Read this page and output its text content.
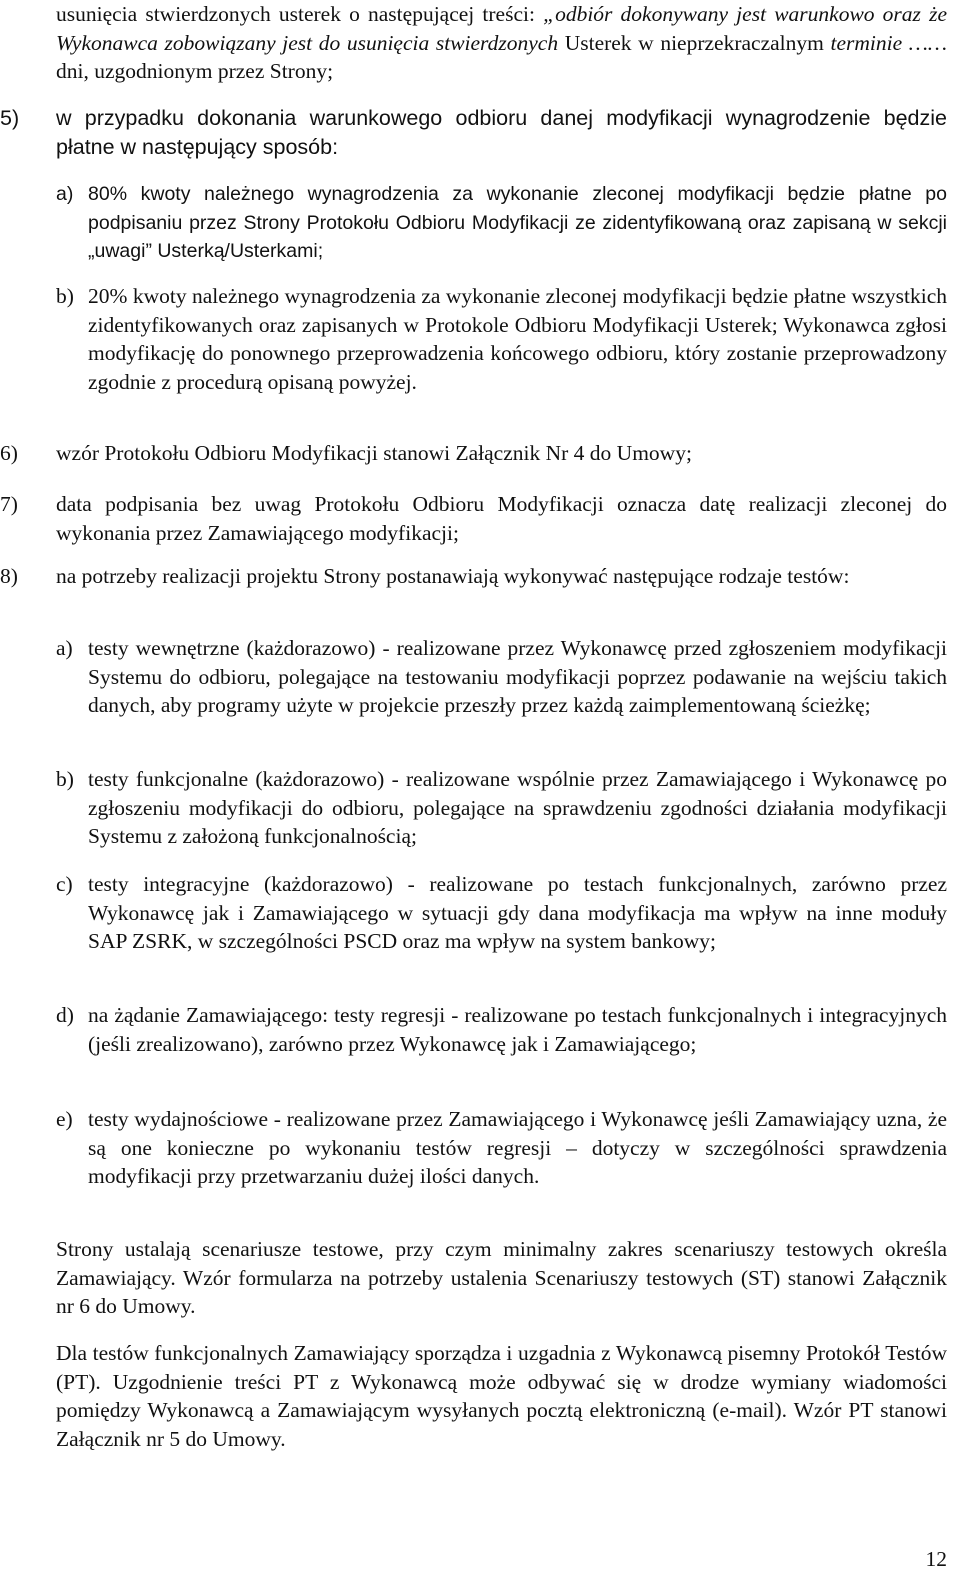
usunięcia stwierdzonych usterek o następującej treści: „odbiór dokonywany jest warunkowo oraz że Wykonawca zobowiązany jest do usunięcia stwierdzonych Usterek w nieprzekraczalnym terminie ……dni, uzgodnionym przez Strony;

5)	w przypadku dokonania warunkowego odbioru danej modyfikacji wynagrodzenie będzie płatne w następujący sposób:

a) 80% kwoty należnego wynagrodzenia za wykonanie zleconej modyfikacji będzie płatne po podpisaniu przez Strony Protokołu Odbioru Modyfikacji ze zidentyfikowaną oraz zapisaną w sekcji „uwagi” Usterką/Usterkami;

b) 20% kwoty należnego wynagrodzenia za wykonanie zleconej modyfikacji będzie płatne wszystkich zidentyfikowanych oraz zapisanych w Protokole Odbioru Modyfikacji Usterek; Wykonawca zgłosi modyfikację do ponownego przeprowadzenia końcowego odbioru, który zostanie przeprowadzony zgodnie z procedurą opisaną powyżej.

6)	wzór Protokołu Odbioru Modyfikacji stanowi Załącznik Nr 4 do Umowy;

7)	data podpisania bez uwag Protokołu Odbioru Modyfikacji oznacza datę realizacji zleconej do wykonania przez Zamawiającego modyfikacji;

8)	na potrzeby realizacji projektu Strony postanawiają wykonywać następujące rodzaje testów:

a) testy wewnętrzne (każdorazowo) - realizowane przez Wykonawcę przed zgłoszeniem modyfikacji Systemu do odbioru, polegające na testowaniu modyfikacji poprzez podawanie na wejściu takich danych, aby programy użyte w projekcie przeszły przez każdą zaimplementowaną ścieżkę;

b) testy funkcjonalne (każdorazowo) - realizowane wspólnie przez Zamawiającego i Wykonawcę po zgłoszeniu modyfikacji do odbioru, polegające na sprawdzeniu zgodności działania modyfikacji Systemu z założoną funkcjonalnością;

c) testy integracyjne (każdorazowo) - realizowane po testach funkcjonalnych, zarówno przez Wykonawcę jak i Zamawiającego w sytuacji gdy dana modyfikacja ma wpływ na inne moduły SAP ZSRK, w szczególności PSCD oraz ma wpływ na system bankowy;

d) na żądanie Zamawiającego: testy regresji - realizowane po testach funkcjonalnych i integracyjnych (jeśli zrealizowano), zarówno przez Wykonawcę jak i Zamawiającego;

e) testy wydajnościowe - realizowane przez Zamawiającego i Wykonawcę jeśli Zamawiający uzna, że są one konieczne po wykonaniu testów regresji – dotyczy w szczególności sprawdzenia modyfikacji przy przetwarzaniu dużej ilości danych.

Strony ustalają scenariusze testowe, przy czym minimalny zakres scenariuszy testowych określa Zamawiający. Wzór formularza na potrzeby ustalenia Scenariuszy testowych (ST) stanowi Załącznik nr 6 do Umowy.

Dla testów funkcjonalnych Zamawiający sporządza i uzgadnia z Wykonawcą pisemny Protokół Testów (PT). Uzgodnienie treści PT z Wykonawcą może odbywać się w drodze wymiany wiadomości pomiędzy Wykonawcą a Zamawiającym wysyłanych pocztą elektroniczną (e-mail). Wzór PT stanowi Załącznik nr 5 do Umowy.

12
